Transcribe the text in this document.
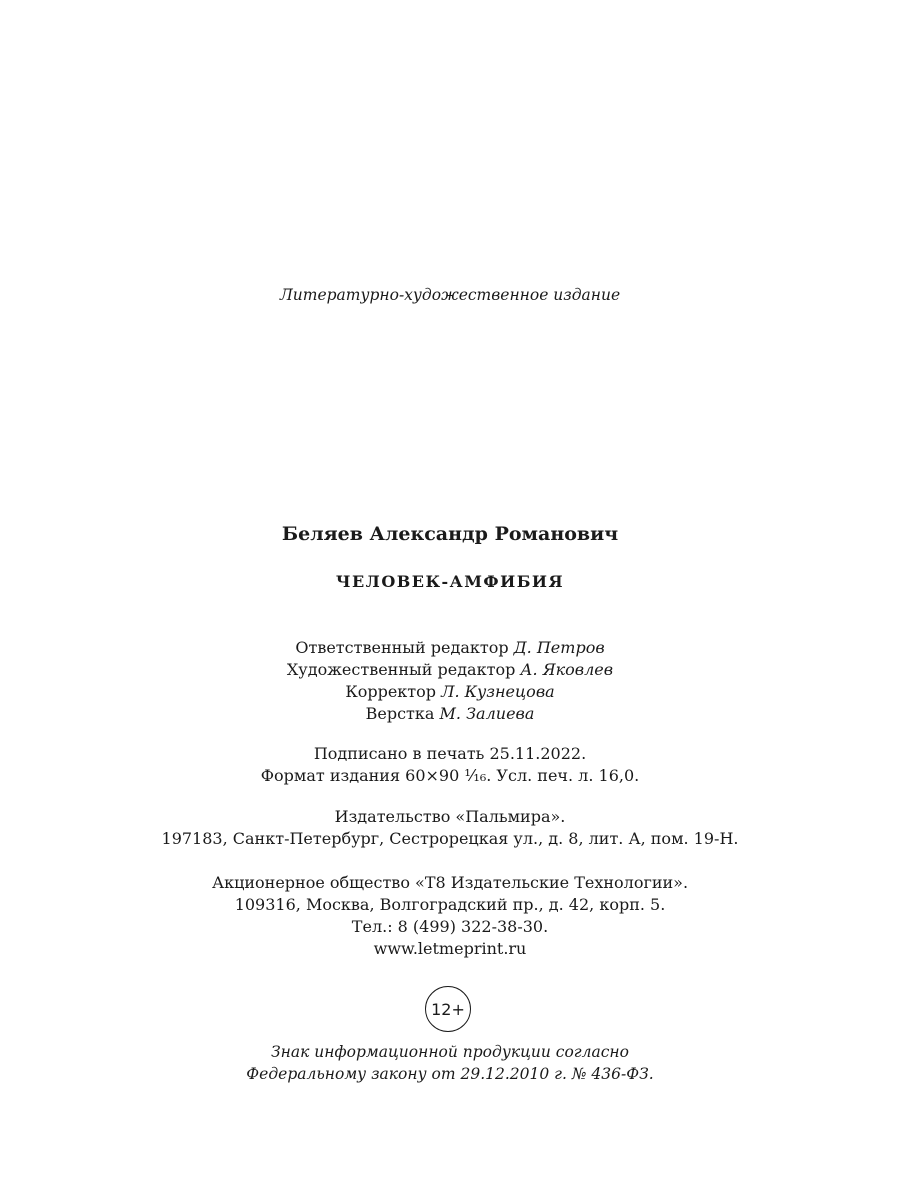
Литературно-художественное издание
Беляев Александр Романович
ЧЕЛОВЕК-АМФИБИЯ
Ответственный редактор Д. Петров
Художественный редактор А. Яковлев
Корректор Л. Кузнецова
Верстка М. Залиева
Подписано в печать 25.11.2022.
Формат издания 60×90 ¹⁄₁₆. Усл. печ. л. 16,0.
Издательство «Пальмира».
197183, Санкт-Петербург, Сестрорецкая ул., д. 8, лит. А, пом. 19-Н.
Акционерное общество «Т8 Издательские Технологии».
109316, Москва, Волгоградский пр., д. 42, корп. 5.
Тел.: 8 (499) 322-38-30.
www.letmeprint.ru
12+
Знак информационной продукции согласно
Федеральному закону от 29.12.2010 г. № 436-ФЗ.
